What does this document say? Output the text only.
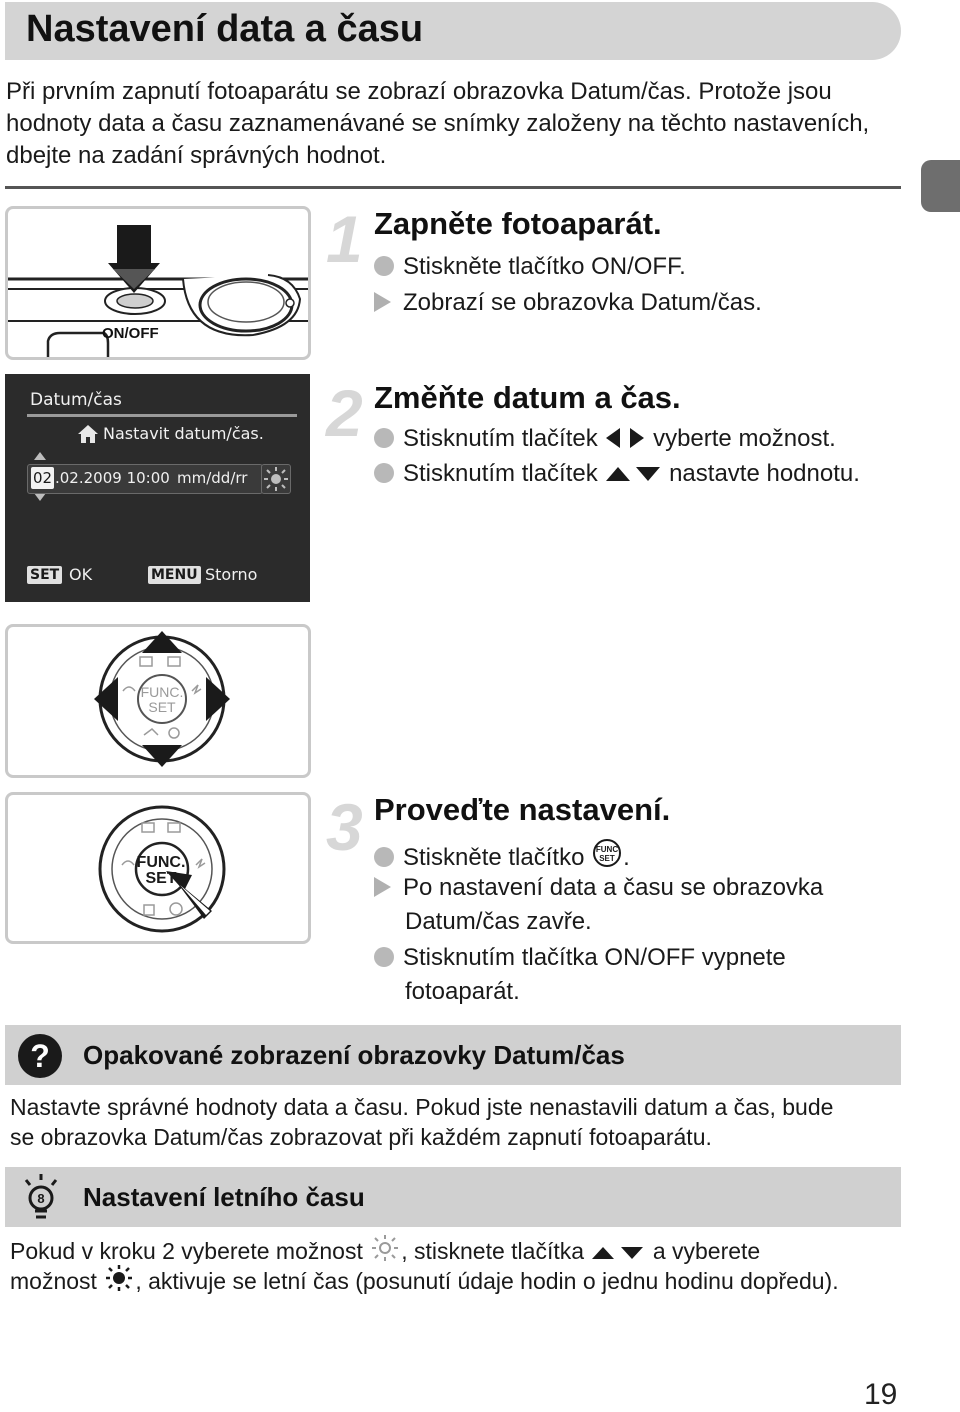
Nastavení data a času
Při prvním zapnutí fotoaparátu se zobrazí obrazovka Datum/čas. Protože jsou hodnoty data a času zaznamenávané se snímky založeny na těchto nastaveních, dbejte na zadání správných hodnot.
ON/OFF
1 Zapněte fotoaparát.
Stiskněte tlačítko ON/OFF.
Zobrazí se obrazovka Datum/čas.
Datum/čas
Nastavit datum/čas.
02 .02.2009 10:00 mm/dd/rr
SET OK	MENU Storno
2 Změňte datum a čas.
Stisknutím tlačítek vyberte možnost.
Stisknutím tlačítek	nastavte hodnotu.
FUNC.
SET
FUNC.
SET
3 Proveďte nastavení.
Stiskněte tlačítko FUNC
SET .
Po nastavení data a času se obrazovka
Datum/čas zavře.
Stisknutím tlačítka ON/OFF vypnete
fotoaparát.
? Opakované zobrazení obrazovky Datum/čas
Nastavte správné hodnoty data a času. Pokud jste nenastavili datum a čas, bude
se obrazovka Datum/čas zobrazovat při každém zapnutí fotoaparátu.
8 Nastavení letního času
Pokud v kroku 2 vyberete možnost , stisknete tlačítka	a vyberete
možnost , aktivuje se letní čas (posunutí údaje hodin o jednu hodinu dopředu).
19
